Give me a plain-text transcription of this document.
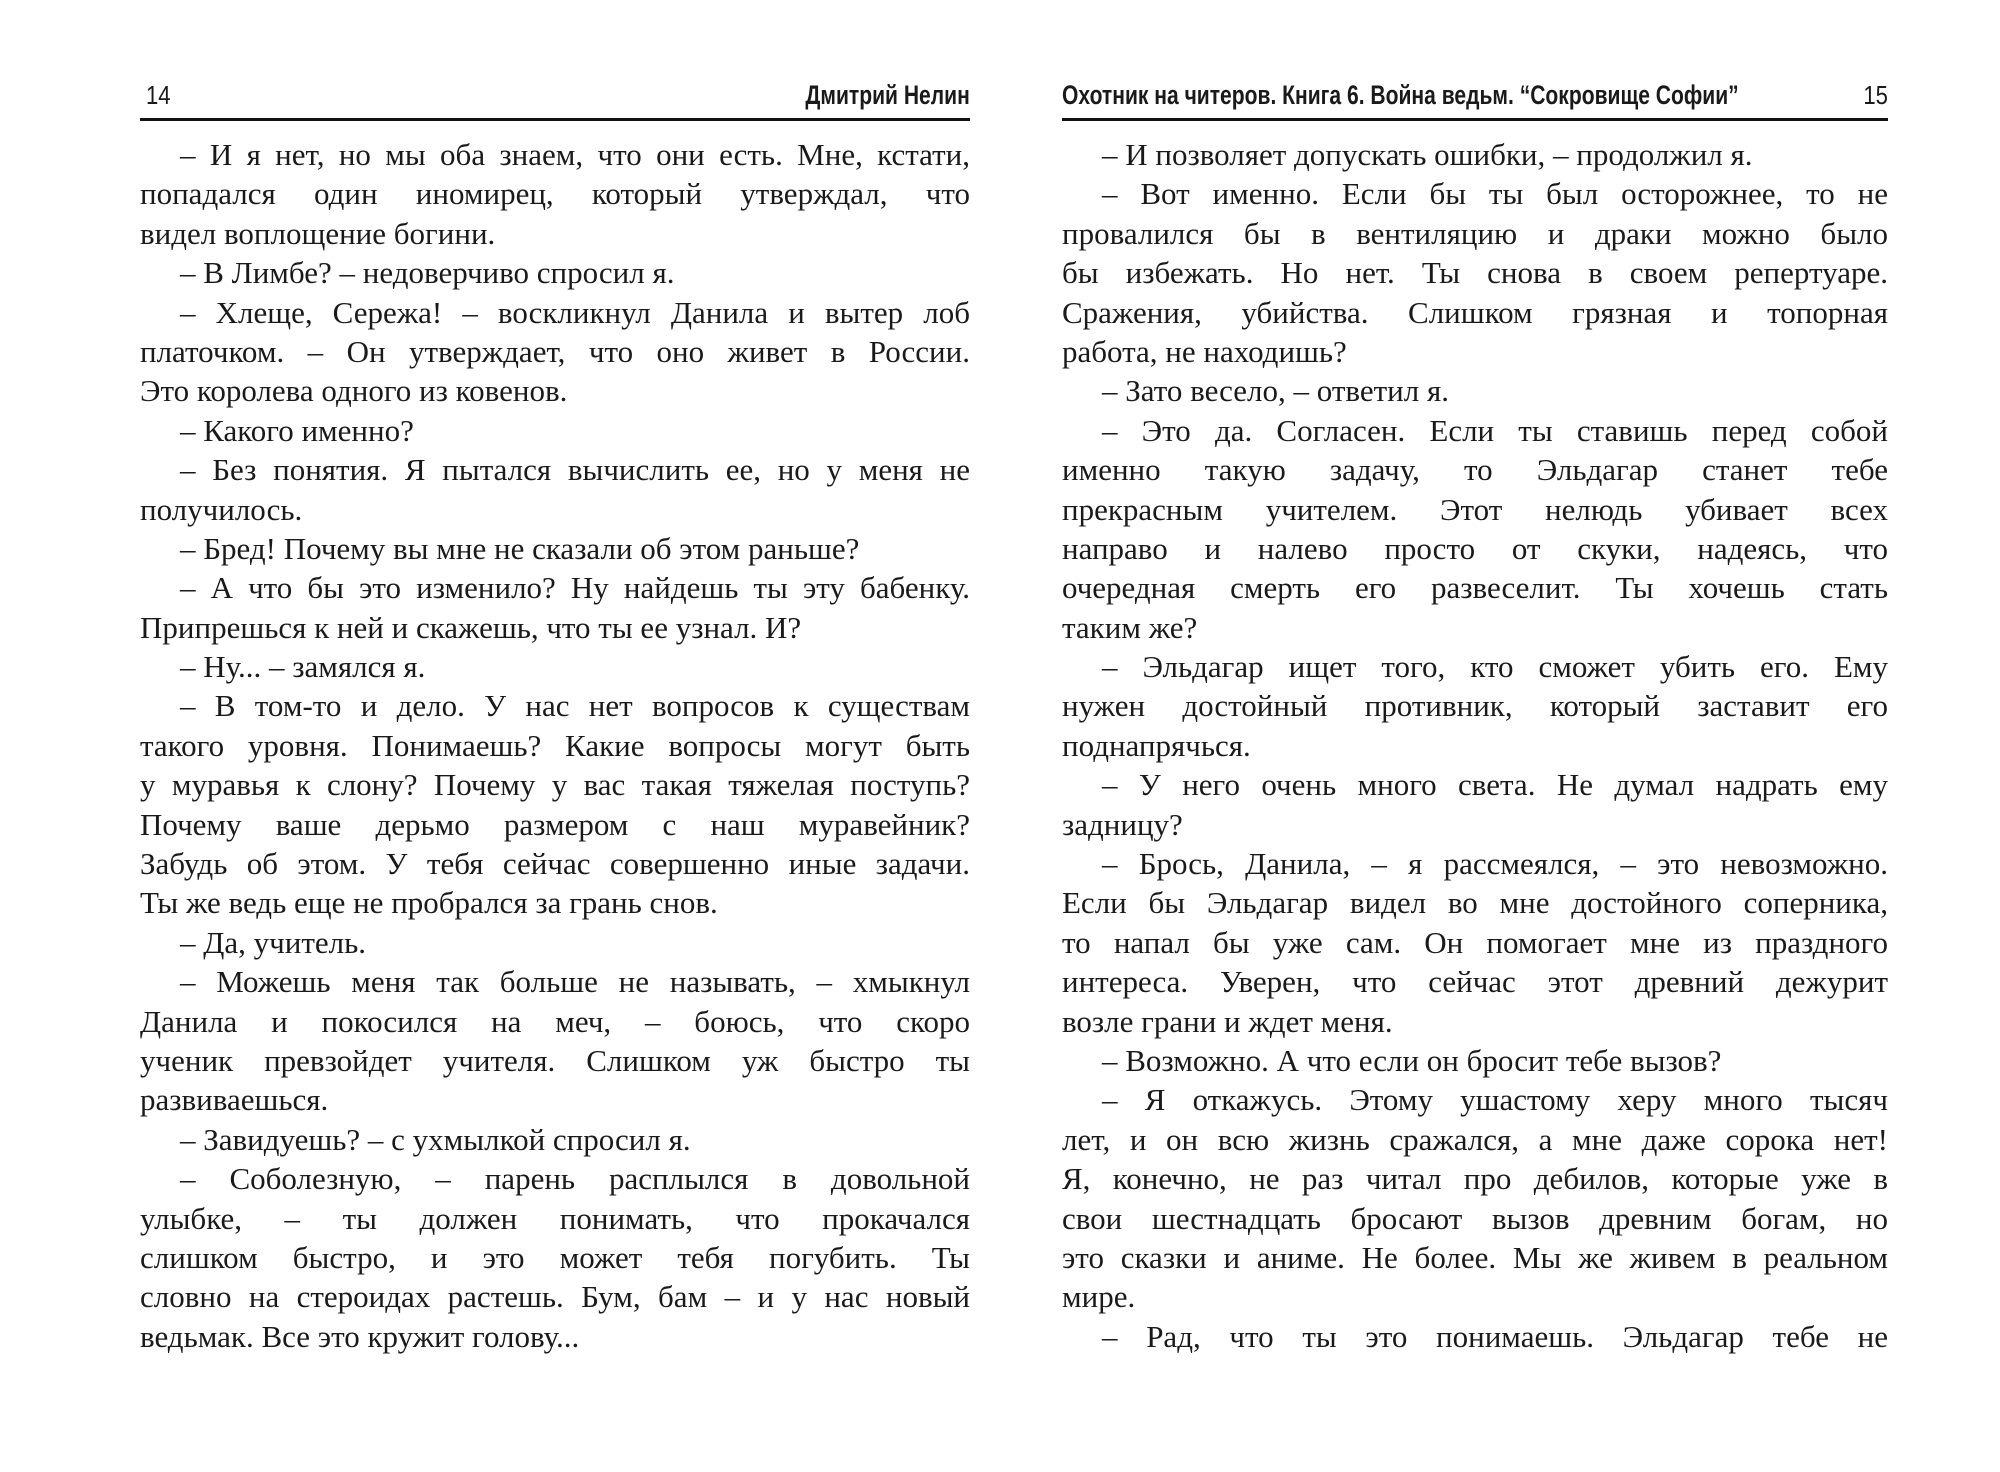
14	Дмитрий Нелин
– И я нет, но мы оба знаем, что они есть. Мне, кстати,
попадался один иномирец, который утверждал, что
видел воплощение богини.
– В Лимбе? – недоверчиво спросил я.
– Хлеще, Сережа! – воскликнул Данила и вытер лоб
платочком. – Он утверждает, что оно живет в России.
Это королева одного из ковенов.
– Какого именно?
– Без понятия. Я пытался вычислить ее, но у меня не
получилось.
– Бред! Почему вы мне не сказали об этом раньше?
– А что бы это изменило? Ну найдешь ты эту бабенку.
Припрешься к ней и скажешь, что ты ее узнал. И?
– Ну... – замялся я.
– В том-то и дело. У нас нет вопросов к существам
такого уровня. Понимаешь? Какие вопросы могут быть
у муравья к слону? Почему у вас такая тяжелая поступь?
Почему ваше дерьмо размером с наш муравейник?
Забудь об этом. У тебя сейчас совершенно иные задачи.
Ты же ведь еще не пробрался за грань снов.
– Да, учитель.
– Можешь меня так больше не называть, – хмыкнул
Данила и покосился на меч, – боюсь, что скоро
ученик превзойдет учителя. Слишком уж быстро ты
развиваешься.
– Завидуешь? – с ухмылкой спросил я.
– Соболезную, – парень расплылся в довольной
улыбке, – ты должен понимать, что прокачался
слишком быстро, и это может тебя погубить. Ты
словно на стероидах растешь. Бум, бам – и у нас новый
ведьмак. Все это кружит голову...
Охотник на читеров. Книга 6. Война ведьм. “Сокровище Софии”	15
– И позволяет допускать ошибки, – продолжил я.
– Вот именно. Если бы ты был осторожнее, то не
провалился бы в вентиляцию и драки можно было
бы избежать. Но нет. Ты снова в своем репертуаре.
Сражения, убийства. Слишком грязная и топорная
работа, не находишь?
– Зато весело, – ответил я.
– Это да. Согласен. Если ты ставишь перед собой
именно такую задачу, то Эльдагар станет тебе
прекрасным учителем. Этот нелюдь убивает всех
направо и налево просто от скуки, надеясь, что
очередная смерть его развеселит. Ты хочешь стать
таким же?
– Эльдагар ищет того, кто сможет убить его. Ему
нужен достойный противник, который заставит его
поднапрячься.
– У него очень много света. Не думал надрать ему
задницу?
– Брось, Данила, – я рассмеялся, – это невозможно.
Если бы Эльдагар видел во мне достойного соперника,
то напал бы уже сам. Он помогает мне из праздного
интереса. Уверен, что сейчас этот древний дежурит
возле грани и ждет меня.
– Возможно. А что если он бросит тебе вызов?
– Я откажусь. Этому ушастому херу много тысяч
лет, и он всю жизнь сражался, а мне даже сорока нет!
Я, конечно, не раз читал про дебилов, которые уже в
свои шестнадцать бросают вызов древним богам, но
это сказки и аниме. Не более. Мы же живем в реальном
мире.
– Рад, что ты это понимаешь. Эльдагар тебе не
